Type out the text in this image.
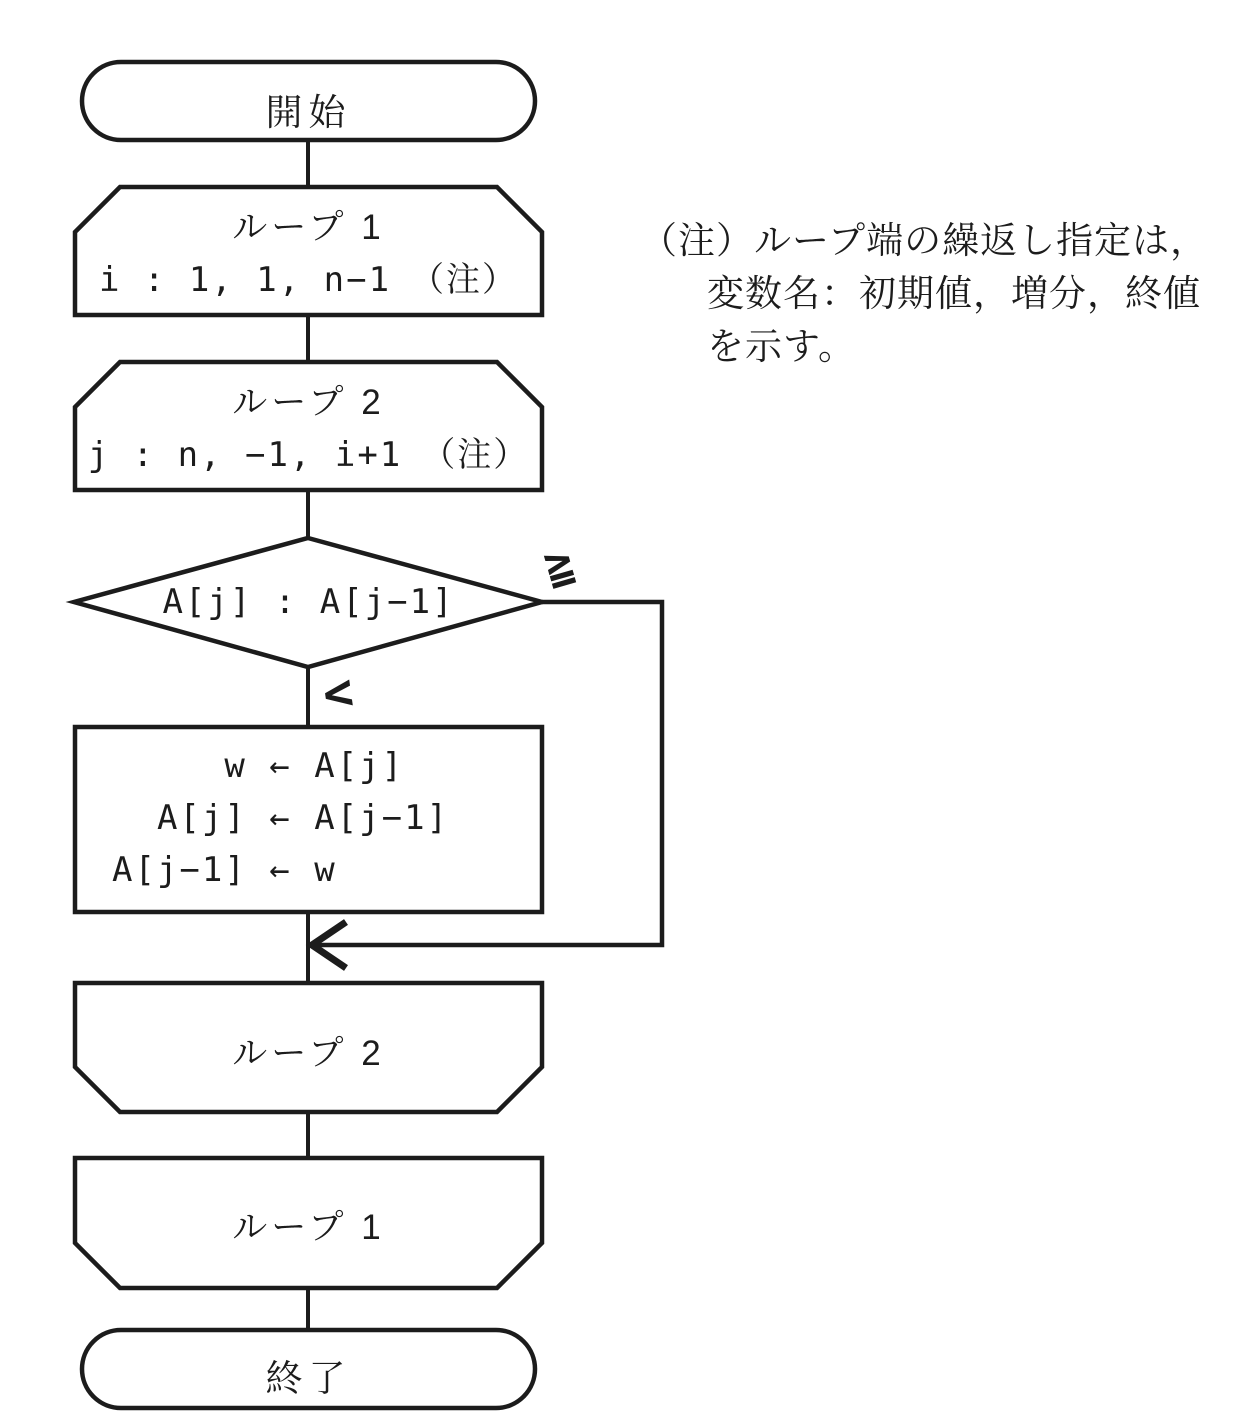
開始
ループ 1
i : 1, 1, n−1　（注）
ループ 2
j : n, −1, i+1　（注）
A[j] : A[j−1]
≧
<
w ← A[j]
A[j] ← A[j−1]
A[j−1] ← w
ループ 2
ループ 1
終了
（注）ループ端の繰返し指定は，
変数名：初期値，増分，終値
を示す。
